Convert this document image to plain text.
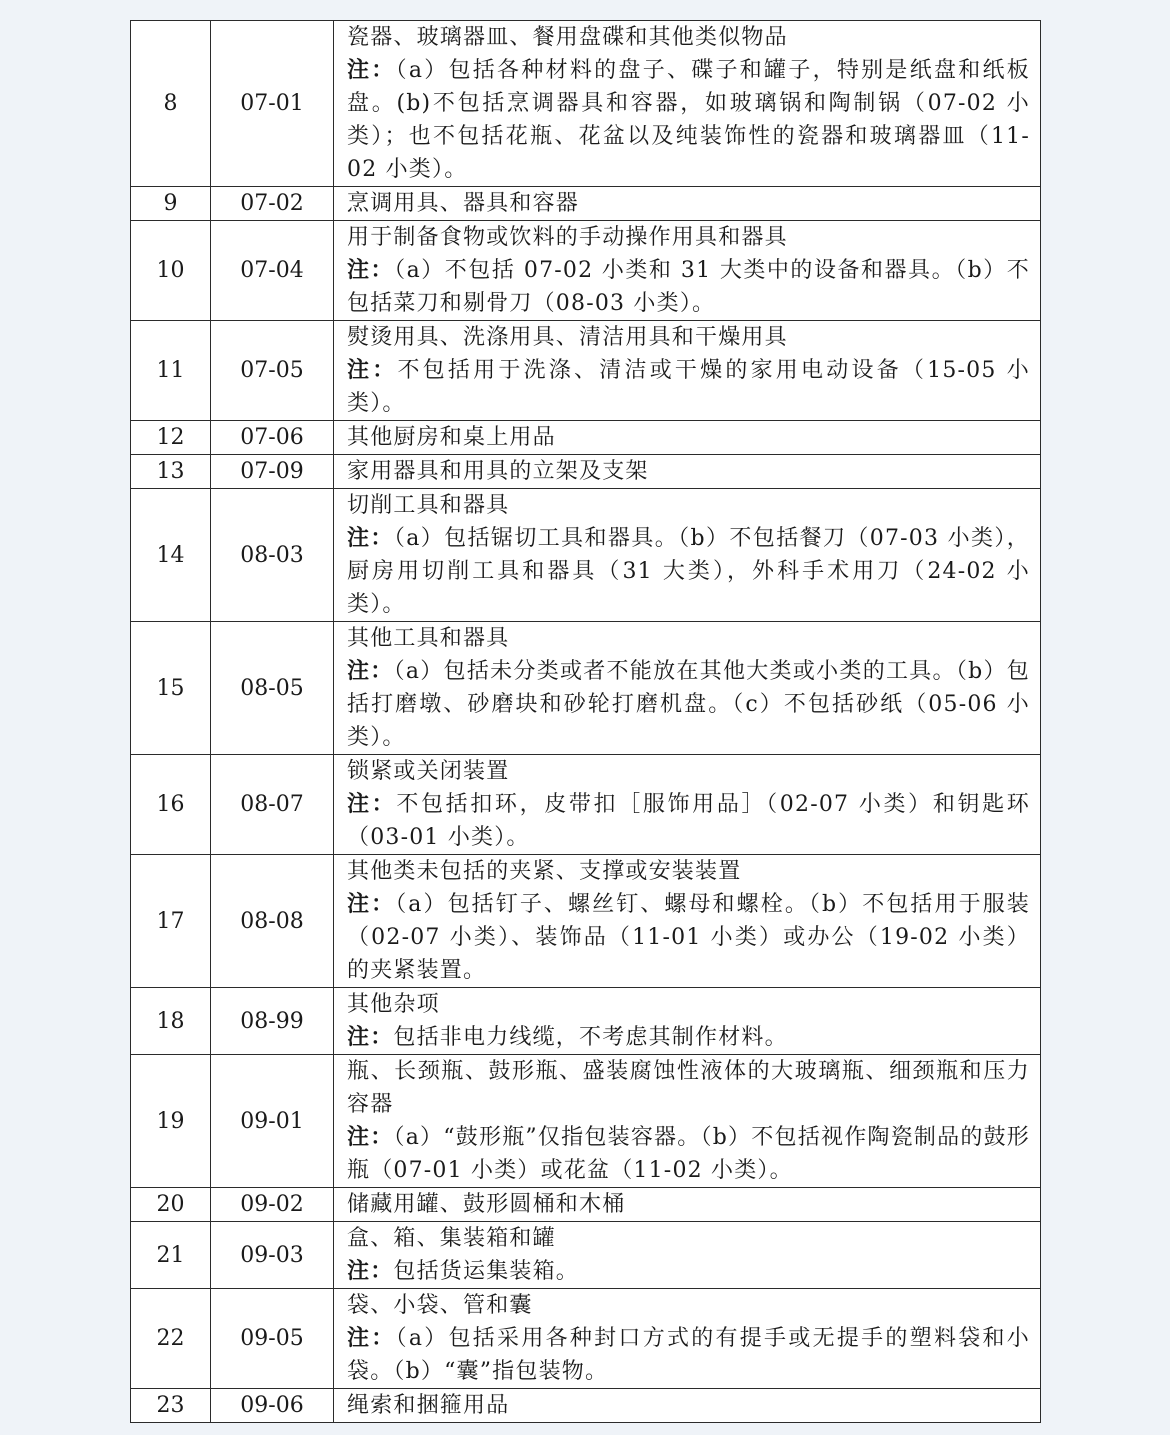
8	07-01	瓷器、玻璃器皿、餐用盘碟和其他类似物品
注：（a）包括各种材料的盘子、碟子和罐子，特别是纸盘和纸板盘。(b)不包括烹调器具和容器，如玻璃锅和陶制锅（07-02 小类）；也不包括花瓶、花盆以及纯装饰性的瓷器和玻璃器皿（11-02 小类）。

9	07-02	烹调用具、器具和容器

10	07-04	用于制备食物或饮料的手动操作用具和器具
注：（a）不包括 07-02 小类和 31 大类中的设备和器具。（b）不包括菜刀和剔骨刀（08-03 小类）。

11	07-05	熨烫用具、洗涤用具、清洁用具和干燥用具
注：不包括用于洗涤、清洁或干燥的家用电动设备（15-05 小类）。

12	07-06	其他厨房和桌上用品

13	07-09	家用器具和用具的立架及支架

14	08-03	切削工具和器具
注：（a）包括锯切工具和器具。（b）不包括餐刀（07-03 小类），厨房用切削工具和器具（31 大类），外科手术用刀（24-02 小类）。

15	08-05	其他工具和器具
注：（a）包括未分类或者不能放在其他大类或小类的工具。（b）包括打磨墩、砂磨块和砂轮打磨机盘。（c）不包括砂纸（05-06 小类）。

16	08-07	锁紧或关闭装置
注：不包括扣环，皮带扣［服饰用品］（02-07 小类）和钥匙环（03-01 小类）。

17	08-08	其他类未包括的夹紧、支撑或安装装置
注：（a）包括钉子、螺丝钉、螺母和螺栓。（b）不包括用于服装（02-07 小类）、装饰品（11-01 小类）或办公（19-02 小类）的夹紧装置。

18	08-99	其他杂项
注：包括非电力线缆，不考虑其制作材料。

19	09-01	瓶、长颈瓶、鼓形瓶、盛装腐蚀性液体的大玻璃瓶、细颈瓶和压力容器
注：（a）“鼓形瓶”仅指包装容器。（b）不包括视作陶瓷制品的鼓形瓶（07-01 小类）或花盆（11-02 小类）。

20	09-02	储藏用罐、鼓形圆桶和木桶

21	09-03	盒、箱、集装箱和罐
注：包括货运集装箱。

22	09-05	袋、小袋、管和囊
注：（a）包括采用各种封口方式的有提手或无提手的塑料袋和小袋。（b）“囊”指包装物。

23	09-06	绳索和捆箍用品
